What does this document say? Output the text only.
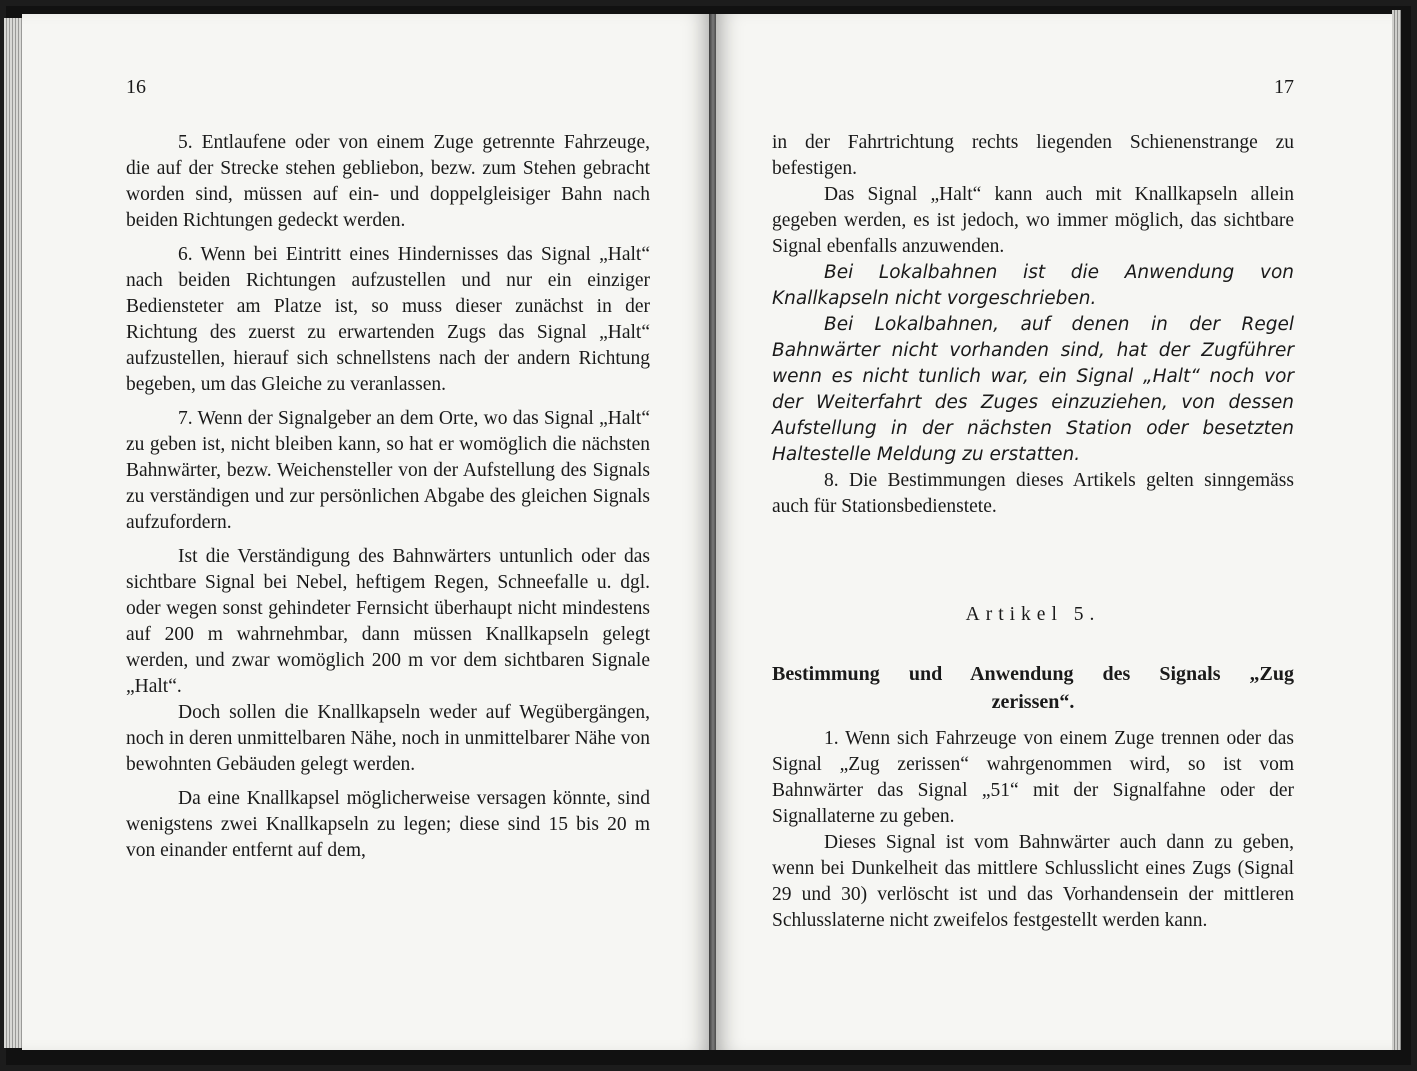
16

5. Entlaufene oder von einem Zuge getrennte Fahrzeuge, die auf der Strecke stehen gebliebon, bezw. zum Stehen gebracht worden sind, müssen auf ein- und doppelgleisiger Bahn nach beiden Richtungen gedeckt werden.

6. Wenn bei Eintritt eines Hindernisses das Signal „Halt“ nach beiden Richtungen aufzustellen und nur ein einziger Bediensteter am Platze ist, so muss dieser zunächst in der Richtung des zuerst zu erwartenden Zugs das Signal „Halt“ aufzustellen, hierauf sich schnellstens nach der andern Richtung begeben, um das Gleiche zu veranlassen.

7. Wenn der Signalgeber an dem Orte, wo das Signal „Halt“ zu geben ist, nicht bleiben kann, so hat er womöglich die nächsten Bahnwärter, bezw. Weichensteller von der Aufstellung des Signals zu verständigen und zur persönlichen Abgabe des gleichen Signals aufzufordern.

Ist die Verständigung des Bahnwärters untunlich oder das sichtbare Signal bei Nebel, heftigem Regen, Schneefalle u. dgl. oder wegen sonst gehindeter Fernsicht überhaupt nicht mindestens auf 200 m wahrnehmbar, dann müssen Knallkapseln gelegt werden, und zwar womöglich 200 m vor dem sichtbaren Signale „Halt“.

Doch sollen die Knallkapseln weder auf Wegübergängen, noch in deren unmittelbaren Nähe, noch in unmittelbarer Nähe von bewohnten Gebäuden gelegt werden.

Da eine Knallkapsel möglicherweise versagen könnte, sind wenigstens zwei Knallkapseln zu legen; diese sind 15 bis 20 m von einander entfernt auf dem,

17

in der Fahrtrichtung rechts liegenden Schienenstrange zu befestigen.

Das Signal „Halt“ kann auch mit Knallkapseln allein gegeben werden, es ist jedoch, wo immer möglich, das sichtbare Signal ebenfalls anzuwenden.

Bei Lokalbahnen ist die Anwendung von Knallkapseln nicht vorgeschrieben.

Bei Lokalbahnen, auf denen in der Regel Bahnwärter nicht vorhanden sind, hat der Zugführer wenn es nicht tunlich war, ein Signal „Halt“ noch vor der Weiterfahrt des Zuges einzuziehen, von dessen Aufstellung in der nächsten Station oder besetzten Haltestelle Meldung zu erstatten.

8. Die Bestimmungen dieses Artikels gelten sinngemäss auch für Stationsbedienstete.

Artikel 5.
Bestimmung und Anwendung des Signals „Zug
zerissen“.

1. Wenn sich Fahrzeuge von einem Zuge trennen oder das Signal „Zug zerissen“ wahrgenommen wird, so ist vom Bahnwärter das Signal „51“ mit der Signalfahne oder der Signallaterne zu geben.

Dieses Signal ist vom Bahnwärter auch dann zu geben, wenn bei Dunkelheit das mittlere Schlusslicht eines Zugs (Signal 29 und 30) verlöscht ist und das Vorhandensein der mittleren Schlusslaterne nicht zweifelos festgestellt werden kann.
